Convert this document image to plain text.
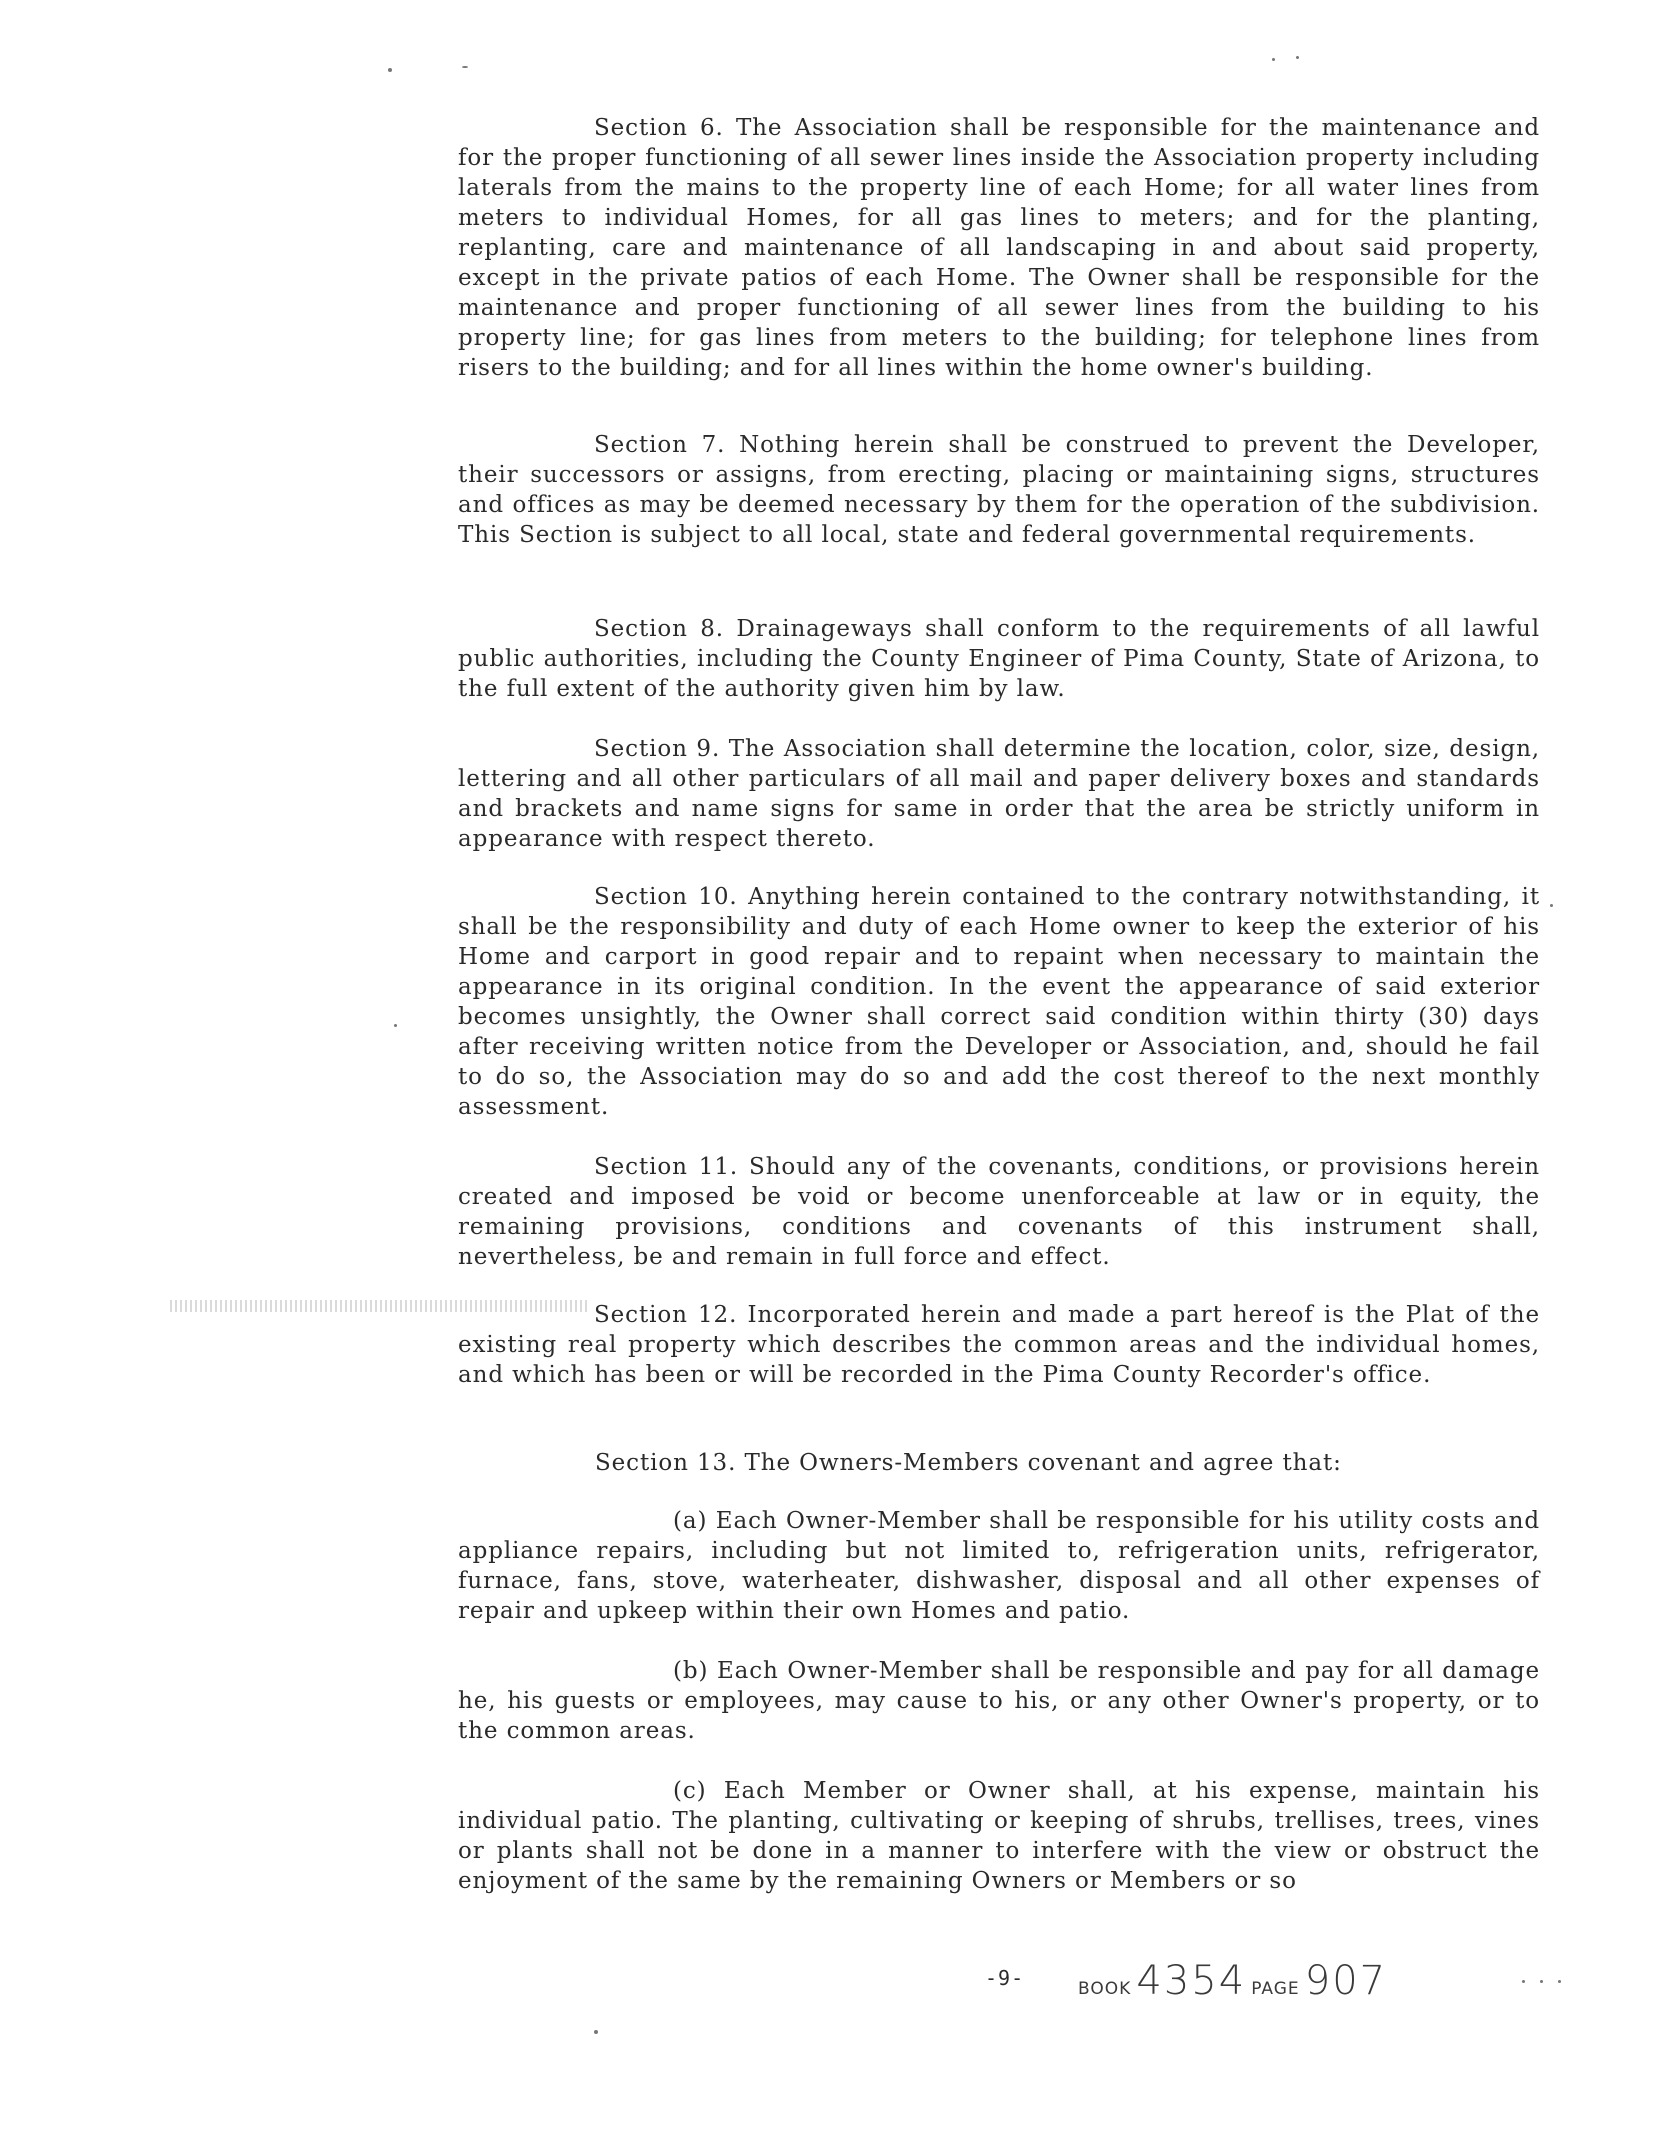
Section 6. The Association shall be responsible for the maintenance and for the proper functioning of all sewer lines inside the Association property including laterals from the mains to the property line of each Home; for all water lines from meters to individual Homes, for all gas lines to meters; and for the planting, replanting, care and maintenance of all landscaping in and about said property, except in the private patios of each Home. The Owner shall be responsible for the maintenance and proper functioning of all sewer lines from the building to his property line; for gas lines from meters to the building; for telephone lines from risers to the building; and for all lines within the home owner's building.

Section 7. Nothing herein shall be construed to prevent the Developer, their successors or assigns, from erecting, placing or maintaining signs, structures and offices as may be deemed necessary by them for the operation of the subdivision. This Section is subject to all local, state and federal governmental requirements.

Section 8. Drainageways shall conform to the requirements of all lawful public authorities, including the County Engineer of Pima County, State of Arizona, to the full extent of the authority given him by law.

Section 9. The Association shall determine the location, color, size, design, lettering and all other particulars of all mail and paper delivery boxes and standards and brackets and name signs for same in order that the area be strictly uniform in appearance with respect thereto.

Section 10. Anything herein contained to the contrary notwithstanding, it shall be the responsibility and duty of each Home owner to keep the exterior of his Home and carport in good repair and to repaint when necessary to maintain the appearance in its original condition. In the event the appearance of said exterior becomes unsightly, the Owner shall correct said condition within thirty (30) days after receiving written notice from the Developer or Association, and, should he fail to do so, the Association may do so and add the cost thereof to the next monthly assessment.

Section 11. Should any of the covenants, conditions, or provisions herein created and imposed be void or become unenforceable at law or in equity, the remaining provisions, conditions and covenants of this instrument shall, nevertheless, be and remain in full force and effect.

Section 12. Incorporated herein and made a part hereof is the Plat of the existing real property which describes the common areas and the individual homes, and which has been or will be recorded in the Pima County Recorder's office.

Section 13. The Owners-Members covenant and agree that:

(a) Each Owner-Member shall be responsible for his utility costs and appliance repairs, including but not limited to, refrigeration units, refrigerator, furnace, fans, stove, waterheater, dishwasher, disposal and all other expenses of repair and upkeep within their own Homes and patio.

(b) Each Owner-Member shall be responsible and pay for all damage he, his guests or employees, may cause to his, or any other Owner's property, or to the common areas.

(c) Each Member or Owner shall, at his expense, maintain his individual patio. The planting, cultivating or keeping of shrubs, trellises, trees, vines or plants shall not be done in a manner to interfere with the view or obstruct the enjoyment of the same by the remaining Owners or Members or so

-9-	BOOK 4354 PAGE 907
